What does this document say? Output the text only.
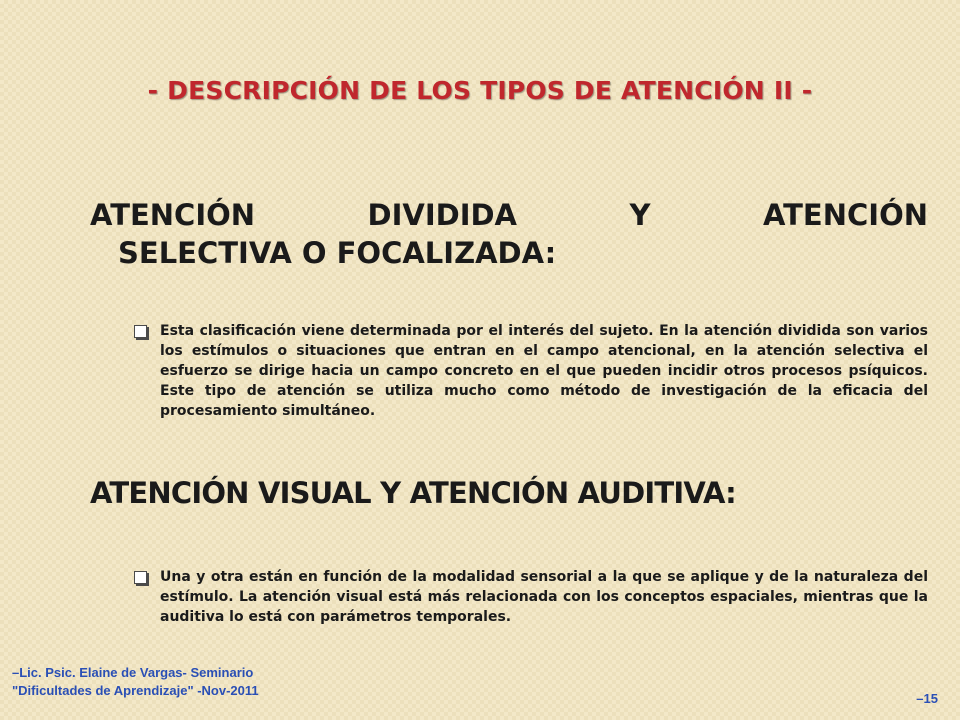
- DESCRIPCIÓN DE LOS TIPOS DE ATENCIÓN II -
ATENCIÓN DIVIDIDA Y ATENCIÓN
SELECTIVA O FOCALIZADA:
Esta clasificación viene determinada por el interés del sujeto. En la atención dividida son varios los estímulos o situaciones que entran en el campo atencional, en la atención selectiva el esfuerzo se dirige hacia un campo concreto en el que pueden incidir otros procesos psíquicos. Este tipo de atención se utiliza mucho como método de investigación de la eficacia del procesamiento simultáneo.
ATENCIÓN VISUAL Y ATENCIÓN AUDITIVA:
Una y otra están en función de la modalidad sensorial a la que se aplique y de la naturaleza del estímulo. La atención visual está más relacionada con los conceptos espaciales, mientras que la auditiva lo está con parámetros temporales.
–Lic. Psic. Elaine de Vargas- Seminario
"Dificultades de Aprendizaje" -Nov-2011
–15
